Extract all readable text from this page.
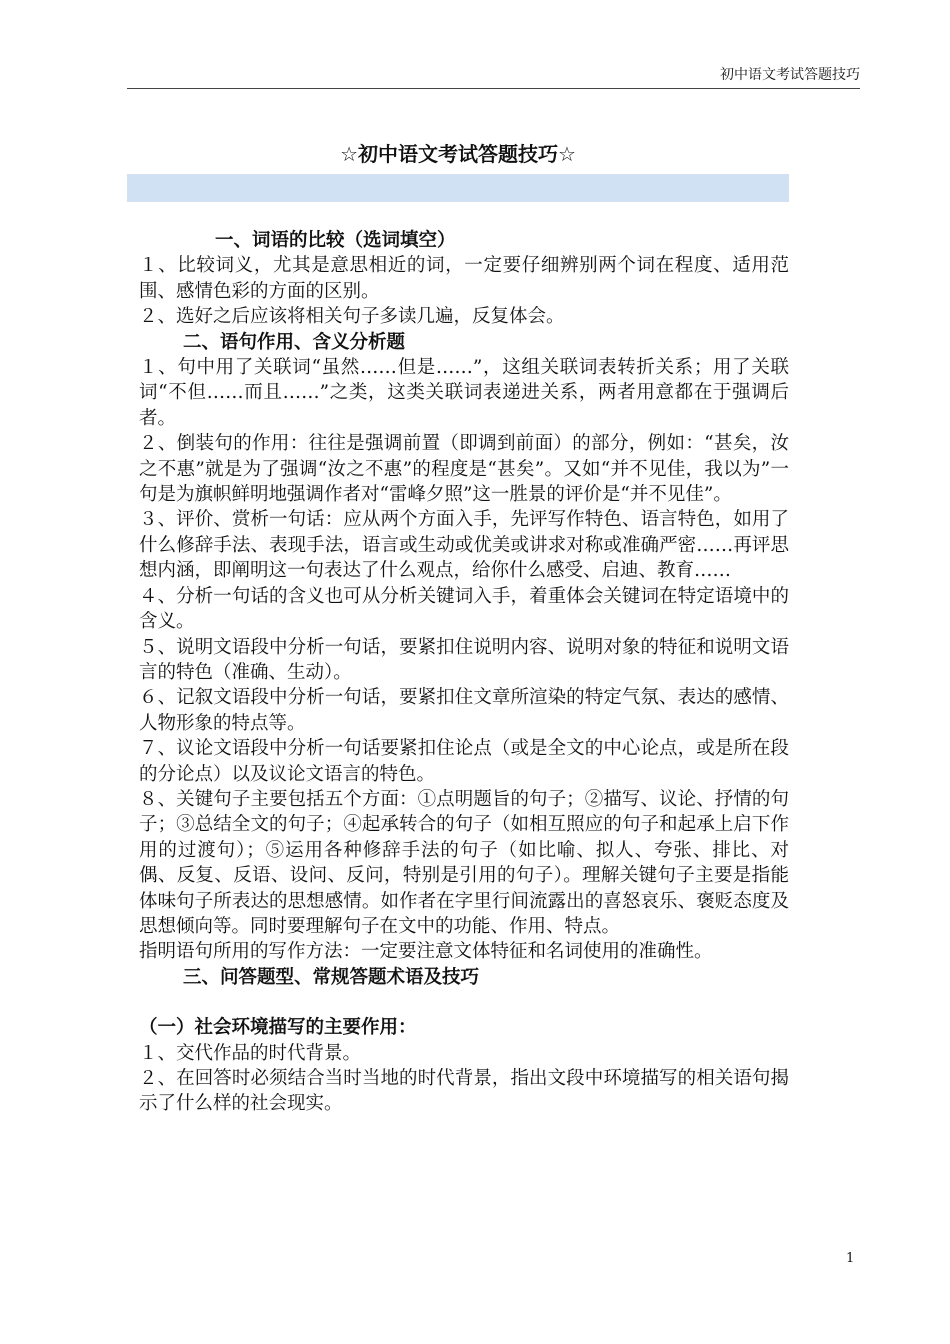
初中语文考试答题技巧
☆初中语文考试答题技巧☆

一、词语的比较（选词填空）

１、比较词义，尤其是意思相近的词，一定要仔细辨别两个词在程度、适用范围、感情色彩的方面的区别。

２、选好之后应该将相关句子多读几遍，反复体会。

二、语句作用、含义分析题

１、句中用了关联词“虽然……但是……”，这组关联词表转折关系；用了关联词“不但……而且……”之类，这类关联词表递进关系，两者用意都在于强调后者。

２、倒装句的作用：往往是强调前置（即调到前面）的部分，例如：“甚矣，汝之不惠”就是为了强调“汝之不惠”的程度是“甚矣”。又如“并不见佳，我以为”一句是为旗帜鲜明地强调作者对“雷峰夕照”这一胜景的评价是“并不见佳”。

３、评价、赏析一句话：应从两个方面入手，先评写作特色、语言特色，如用了什么修辞手法、表现手法，语言或生动或优美或讲求对称或准确严密……再评思想内涵，即阐明这一句表达了什么观点，给你什么感受、启迪、教育……

４、分析一句话的含义也可从分析关键词入手，着重体会关键词在特定语境中的含义。

５、说明文语段中分析一句话，要紧扣住说明内容、说明对象的特征和说明文语言的特色（准确、生动）。

６、记叙文语段中分析一句话，要紧扣住文章所渲染的特定气氛、表达的感情、人物形象的特点等。

７、议论文语段中分析一句话要紧扣住论点（或是全文的中心论点，或是所在段的分论点）以及议论文语言的特色。

８、关键句子主要包括五个方面：①点明题旨的句子；②描写、议论、抒情的句子；③总结全文的句子；④起承转合的句子（如相互照应的句子和起承上启下作用的过渡句）；⑤运用各种修辞手法的句子（如比喻、拟人、夸张、排比、对偶、反复、反语、设问、反问，特别是引用的句子）。理解关键句子主要是指能体味句子所表达的思想感情。如作者在字里行间流露出的喜怒哀乐、褒贬态度及思想倾向等。同时要理解句子在文中的功能、作用、特点。

指明语句所用的写作方法：一定要注意文体特征和名词使用的准确性。

三、问答题型、常规答题术语及技巧

（一）社会环境描写的主要作用：

１、交代作品的时代背景。

２、在回答时必须结合当时当地的时代背景，指出文段中环境描写的相关语句揭示了什么样的社会现实。

1
